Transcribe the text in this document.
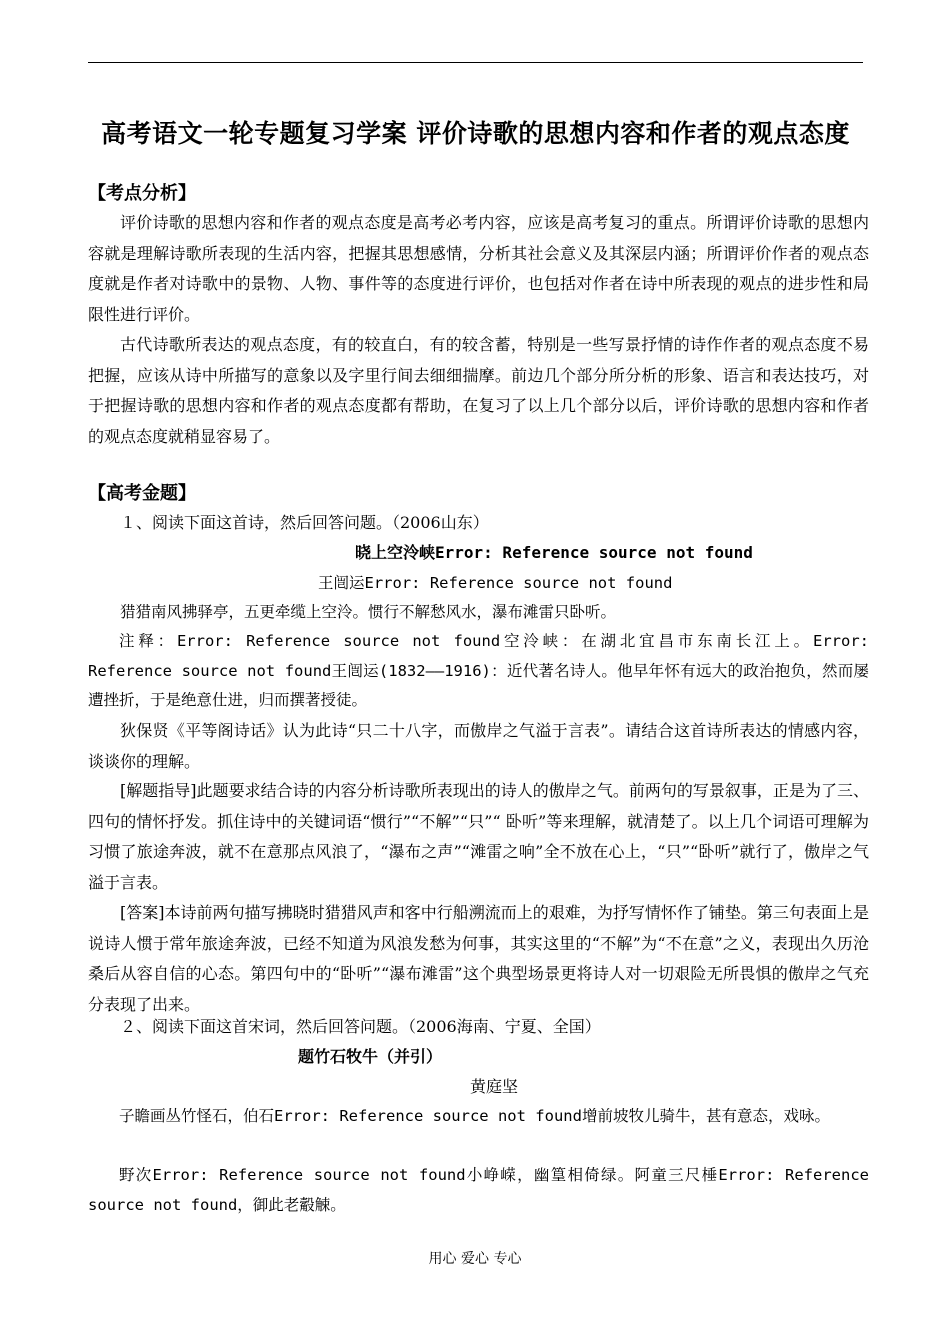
高考语文一轮专题复习学案 评价诗歌的思想内容和作者的观点态度
【考点分析】

评价诗歌的思想内容和作者的观点态度是高考必考内容，应该是高考复习的重点。所谓评价诗歌的思想内容就是理解诗歌所表现的生活内容，把握其思想感情，分析其社会意义及其深层内涵；所谓评价作者的观点态度就是作者对诗歌中的景物、人物、事件等的态度进行评价，也包括对作者在诗中所表现的观点的进步性和局限性进行评价。

古代诗歌所表达的观点态度，有的较直白，有的较含蓄，特别是一些写景抒情的诗作作者的观点态度不易把握，应该从诗中所描写的意象以及字里行间去细细揣摩。前边几个部分所分析的形象、语言和表达技巧，对于把握诗歌的思想内容和作者的观点态度都有帮助，在复习了以上几个部分以后，评价诗歌的思想内容和作者的观点态度就稍显容易了。

【高考金题】
１、阅读下面这首诗，然后回答问题。（2006山东）
晓上空泠峡Error: Reference source not found
王闿运Error: Reference source not found
猎猎南风拂驿亭，五更牵缆上空泠。惯行不解愁风水，瀑布滩雷只卧听。

注释：Error: Reference source not found空泠峡：在湖北宜昌市东南长江上。Error: Reference source not found王闿运(1832——1916)：近代著名诗人。他早年怀有远大的政治抱负，然而屡遭挫折，于是绝意仕进，归而撰著授徒。

狄保贤《平等阁诗话》认为此诗“只二十八字，而傲岸之气溢于言表”。请结合这首诗所表达的情感内容，谈谈你的理解。

[解题指导]此题要求结合诗的内容分析诗歌所表现出的诗人的傲岸之气。前两句的写景叙事，正是为了三、四句的情怀抒发。抓住诗中的关键词语“惯行”“不解”“只”“ 卧听”等来理解，就清楚了。以上几个词语可理解为习惯了旅途奔波，就不在意那点风浪了，“瀑布之声”“滩雷之响”全不放在心上，“只”“卧听”就行了，傲岸之气溢于言表。

[答案]本诗前两句描写拂晓时猎猎风声和客中行船溯流而上的艰难，为抒写情怀作了铺垫。第三句表面上是说诗人惯于常年旅途奔波，已经不知道为风浪发愁为何事，其实这里的“不解”为“不在意”之义，表现出久历沧桑后从容自信的心态。第四句中的“卧听”“瀑布滩雷”这个典型场景更将诗人对一切艰险无所畏惧的傲岸之气充分表现了出来。

２、阅读下面这首宋词，然后回答问题。（2006海南、宁夏、全国）
题竹石牧牛（并引）
黄庭坚

子瞻画丛竹怪石，伯石Error: Reference source not found增前坡牧儿骑牛，甚有意态，戏咏。

野次Error: Reference source not found小峥嵘，幽篁相倚绿。阿童三尺棰Error: Reference source not found，御此老觳觫。

用心 爱心 专心
